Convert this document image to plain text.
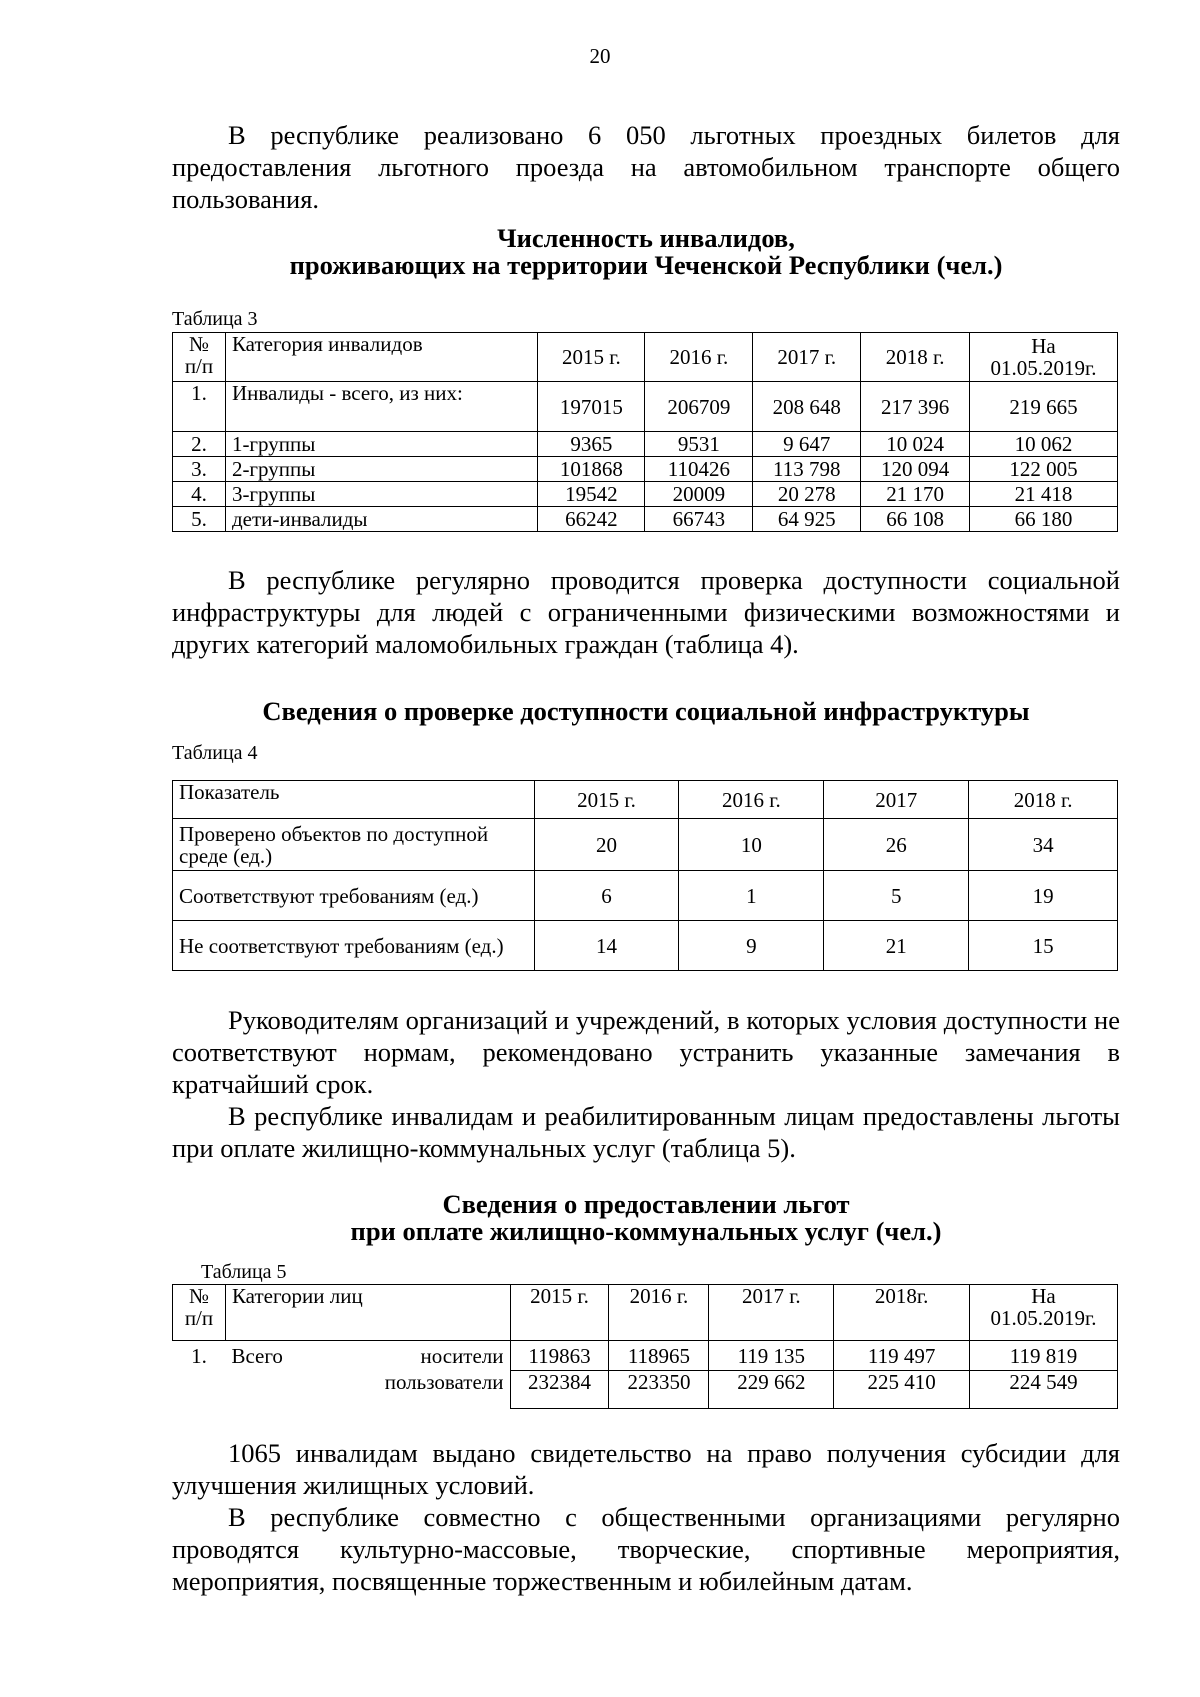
20

В республике реализовано 6 050 льготных проездных билетов для предоставления льготного проезда на автомобильном транспорте общего пользования.

Численность инвалидов,

проживающих на территории Чеченской Республики (чел.)

Таблица 3
№ п/п	Категория инвалидов	2015 г.	2016 г.	2017 г.	2018 г.	На 01.05.2019г.
1.	Инвалиды - всего, из них:	197015	206709	208 648	217 396	219 665
2.	1-группы	9365	9531	9 647	10 024	10 062
3.	2-группы	101868	110426	113 798	120 094	122 005
4.	3-группы	19542	20009	20 278	21 170	21 418
5.	дети-инвалиды	66242	66743	64 925	66 108	66 180

В республике регулярно проводится проверка доступности социальной инфраструктуры для людей с ограниченными физическими возможностями и других категорий маломобильных граждан (таблица 4).

Сведения о проверке доступности социальной инфраструктуры

Таблица 4
Показатель	2015 г.	2016 г.	2017	2018 г.
Проверено объектов по доступной среде (ед.)	20	10	26	34
Соответствуют требованиям (ед.)	6	1	5	19
Не соответствуют требованиям (ед.)	14	9	21	15

Руководителям организаций и учреждений, в которых условия доступности не соответствуют нормам, рекомендовано устранить указанные замечания в кратчайший срок.

В республике инвалидам и реабилитированным лицам предоставлены льготы при оплате жилищно-коммунальных услуг (таблица 5).

Сведения о предоставлении льгот

при оплате жилищно-коммунальных услуг (чел.)

Таблица 5
№ п/п	Категории лиц	2015 г.	2016 г.	2017 г.	2018г.	На 01.05.2019г.
1.	Всего носители	119863	118965	119 135	119 497	119 819
	пользователи	232384	223350	229 662	225 410	224 549

1065 инвалидам выдано свидетельство на право получения субсидии для улучшения жилищных условий.

В республике совместно с общественными организациями регулярно проводятся культурно-массовые, творческие, спортивные мероприятия, мероприятия, посвященные торжественным и юбилейным датам.
